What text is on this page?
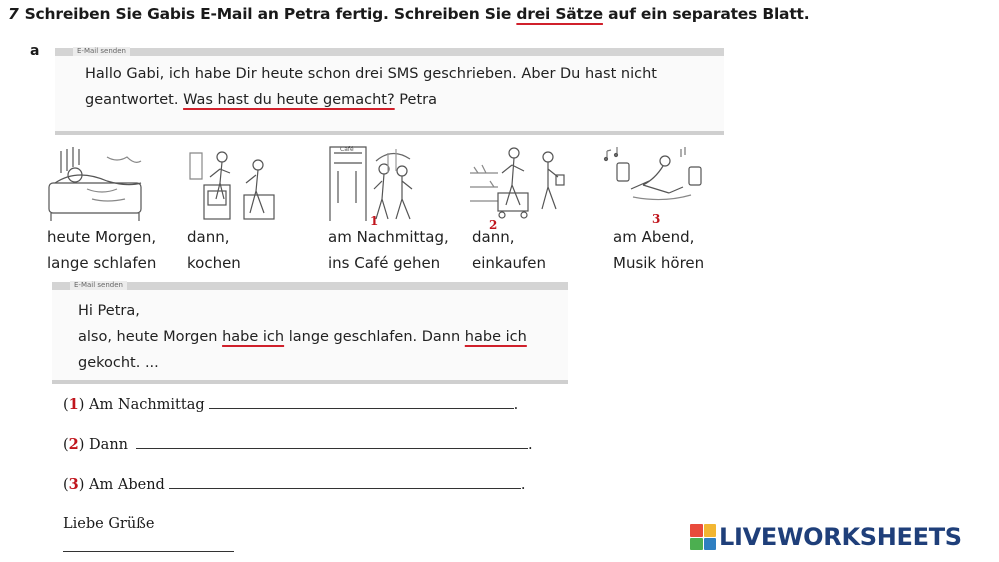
7 Schreiben Sie Gabis E-Mail an Petra fertig. Schreiben Sie drei Sätze auf ein separates Blatt.
a	E-Mail senden
Hallo Gabi, ich habe Dir heute schon drei SMS geschrieben. Aber Du hast nicht
geantwortet. Was hast du heute gemacht? Petra
Café
1	2	3
heute Morgen,
lange schlafen
dann,
kochen
am Nachmittag,
ins Café gehen
dann,
einkaufen
am Abend,
Musik hören
E-Mail senden
Hi Petra,
also, heute Morgen habe ich lange geschlafen. Dann habe ich
gekocht. ...
(1) Am Nachmittag	.
(2) Dann	.
(3) Am Abend	.
Liebe Grüße	LIVEWORKSHEETS
